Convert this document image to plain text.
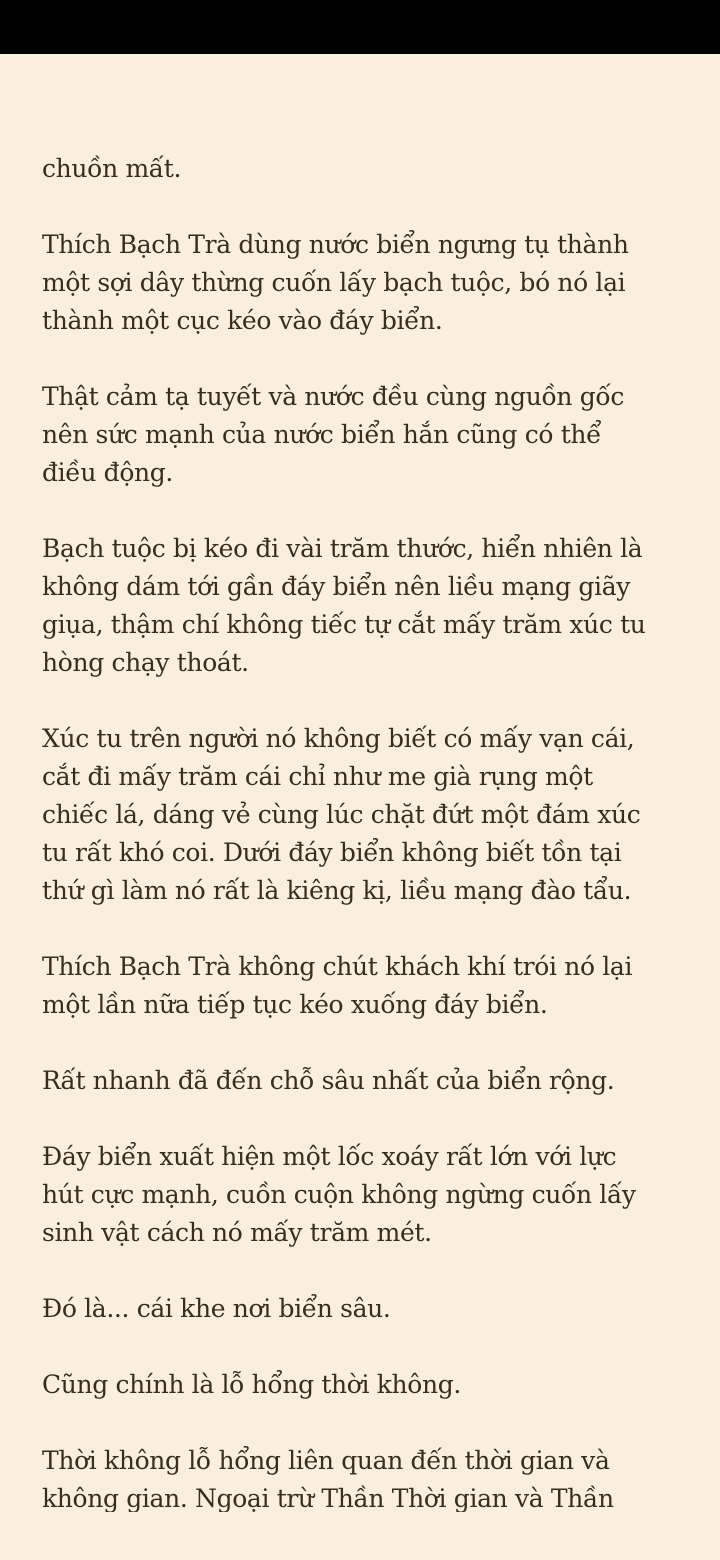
chuồn mất.

Thích Bạch Trà dùng nước biển ngưng tụ thành
một sợi dây thừng cuốn lấy bạch tuộc, bó nó lại
thành một cục kéo vào đáy biển.

Thật cảm tạ tuyết và nước đều cùng nguồn gốc
nên sức mạnh của nước biển hắn cũng có thể
điều động.

Bạch tuộc bị kéo đi vài trăm thước, hiển nhiên là
không dám tới gần đáy biển nên liều mạng giãy
giụa, thậm chí không tiếc tự cắt mấy trăm xúc tu
hòng chạy thoát.

Xúc tu trên người nó không biết có mấy vạn cái,
cắt đi mấy trăm cái chỉ như me già rụng một
chiếc lá, dáng vẻ cùng lúc chặt đứt một đám xúc
tu rất khó coi. Dưới đáy biển không biết tồn tại
thứ gì làm nó rất là kiêng kị, liều mạng đào tẩu.

Thích Bạch Trà không chút khách khí trói nó lại
một lần nữa tiếp tục kéo xuống đáy biển.

Rất nhanh đã đến chỗ sâu nhất của biển rộng.

Đáy biển xuất hiện một lốc xoáy rất lớn với lực
hút cực mạnh, cuồn cuộn không ngừng cuốn lấy
sinh vật cách nó mấy trăm mét.

Đó là... cái khe nơi biển sâu.

Cũng chính là lỗ hổng thời không.

Thời không lỗ hổng liên quan đến thời gian và
không gian. Ngoại trừ Thần Thời gian và Thần
